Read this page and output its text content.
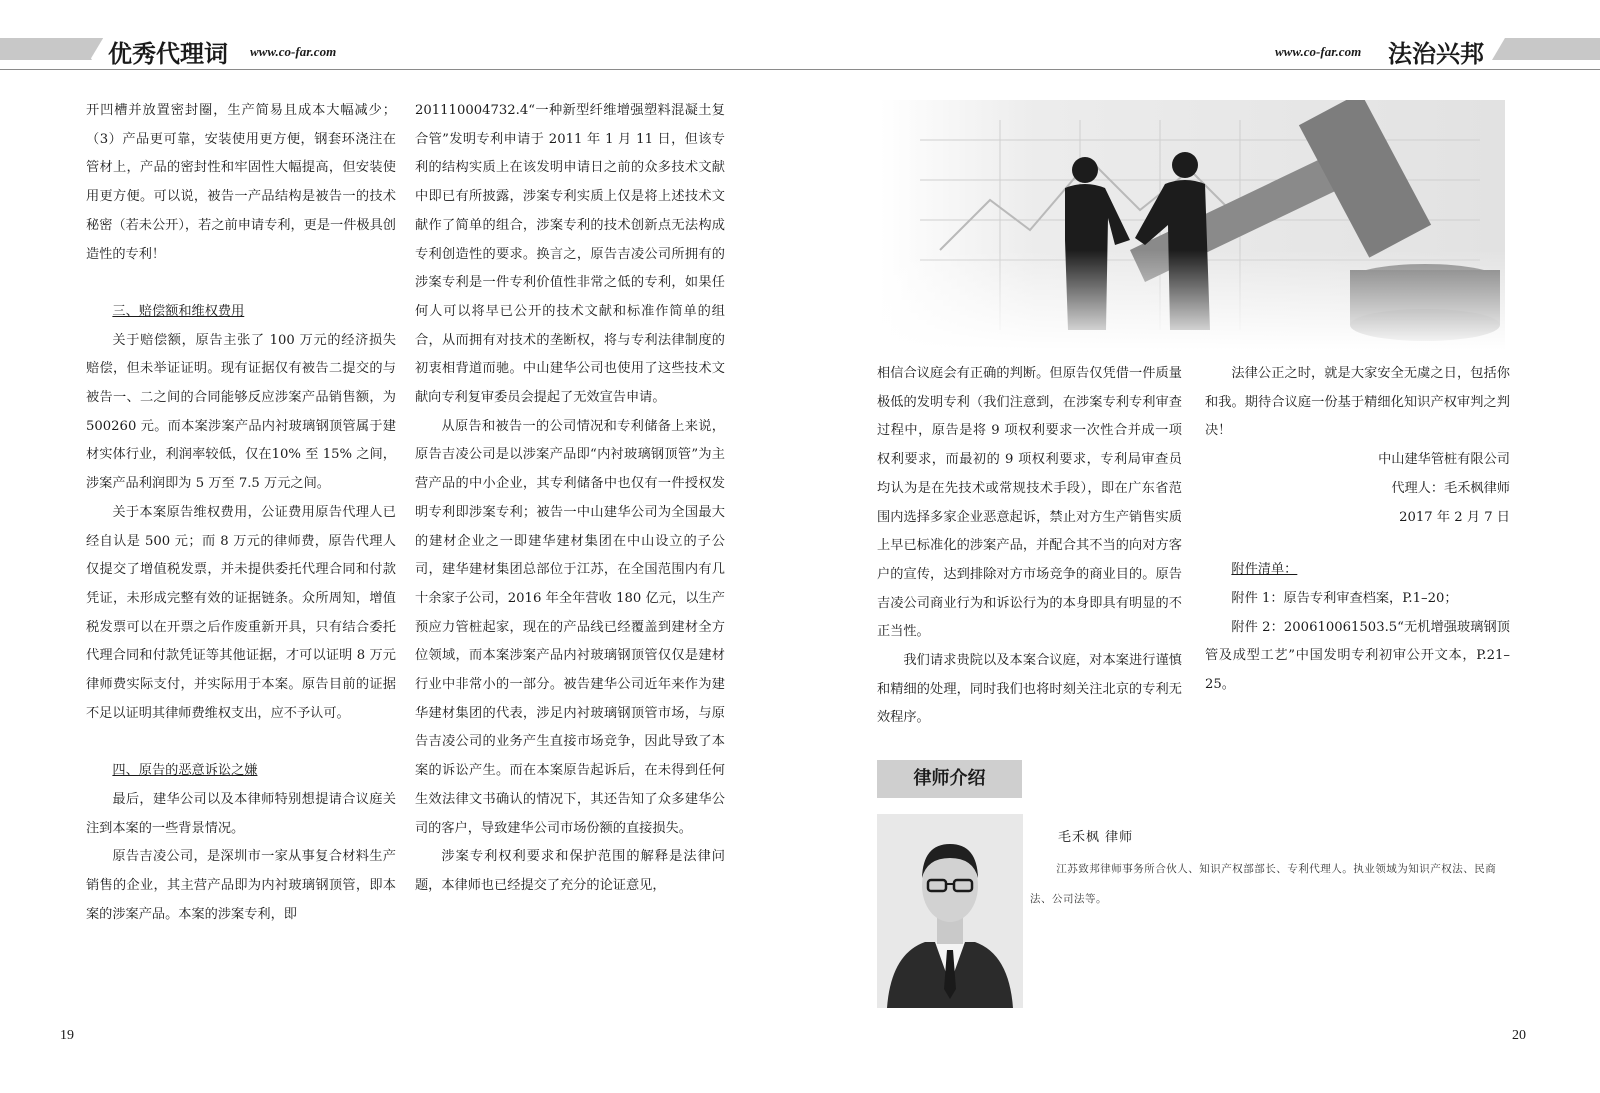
优秀代理词 www.co-far.com	www.co-far.com 法治兴邦

开凹槽并放置密封圈，生产简易且成本大幅减少；（3）产品更可靠，安装使用更方便，钢套环浇注在管材上，产品的密封性和牢固性大幅提高，但安装使用更方便。可以说，被告一产品结构是被告一的技术秘密（若未公开），若之前申请专利，更是一件极具创造性的专利！

三、赔偿额和维权费用

关于赔偿额，原告主张了 100 万元的经济损失赔偿，但未举证证明。现有证据仅有被告二提交的与被告一、二之间的合同能够反应涉案产品销售额，为 500260 元。而本案涉案产品内衬玻璃钢顶管属于建材实体行业，利润率较低，仅在10% 至 15% 之间，涉案产品利润即为 5 万至 7.5 万元之间。

关于本案原告维权费用，公证费用原告代理人已经自认是 500 元；而 8 万元的律师费，原告代理人仅提交了增值税发票，并未提供委托代理合同和付款凭证，未形成完整有效的证据链条。众所周知，增值税发票可以在开票之后作废重新开具，只有结合委托代理合同和付款凭证等其他证据，才可以证明 8 万元律师费实际支付，并实际用于本案。原告目前的证据不足以证明其律师费维权支出，应不予认可。

四、原告的恶意诉讼之嫌

最后，建华公司以及本律师特别想提请合议庭关注到本案的一些背景情况。

原告吉凌公司，是深圳市一家从事复合材料生产销售的企业，其主营产品即为内衬玻璃钢顶管，即本案的涉案产品。本案的涉案专利，即

201110004732.4“一种新型纤维增强塑料混凝土复合管”发明专利申请于 2011 年 1 月 11 日，但该专利的结构实质上在该发明申请日之前的众多技术文献中即已有所披露，涉案专利实质上仅是将上述技术文献作了简单的组合，涉案专利的技术创新点无法构成专利创造性的要求。换言之，原告吉凌公司所拥有的涉案专利是一件专利价值性非常之低的专利，如果任何人可以将早已公开的技术文献和标准作简单的组合，从而拥有对技术的垄断权，将与专利法律制度的初衷相背道而驰。中山建华公司也使用了这些技术文献向专利复审委员会提起了无效宣告申请。

从原告和被告一的公司情况和专利储备上来说，原告吉凌公司是以涉案产品即“内衬玻璃钢顶管”为主营产品的中小企业，其专利储备中也仅有一件授权发明专利即涉案专利；被告一中山建华公司为全国最大的建材企业之一即建华建材集团在中山设立的子公司，建华建材集团总部位于江苏，在全国范围内有几十余家子公司，2016 年全年营收 180 亿元，以生产预应力管桩起家，现在的产品线已经覆盖到建材全方位领域，而本案涉案产品内衬玻璃钢顶管仅仅是建材行业中非常小的一部分。被告建华公司近年来作为建华建材集团的代表，涉足内衬玻璃钢顶管市场，与原告吉凌公司的业务产生直接市场竞争，因此导致了本案的诉讼产生。而在本案原告起诉后，在未得到任何生效法律文书确认的情况下，其还告知了众多建华公司的客户，导致建华公司市场份额的直接损失。

涉案专利权利要求和保护范围的解释是法律问题，本律师也已经提交了充分的论证意见，

相信合议庭会有正确的判断。但原告仅凭借一件质量极低的发明专利（我们注意到，在涉案专利专利审查过程中，原告是将 9 项权利要求一次性合并成一项权利要求，而最初的 9 项权利要求，专利局审查员均认为是在先技术或常规技术手段），即在广东省范围内选择多家企业恶意起诉，禁止对方生产销售实质上早已标准化的涉案产品，并配合其不当的向对方客户的宣传，达到排除对方市场竞争的商业目的。原告吉凌公司商业行为和诉讼行为的本身即具有明显的不正当性。

我们请求贵院以及本案合议庭，对本案进行谨慎和精细的处理，同时我们也将时刻关注北京的专利无效程序。

法律公正之时，就是大家安全无虞之日，包括你和我。期待合议庭一份基于精细化知识产权审判之判决！

中山建华管桩有限公司

代理人：毛禾枫律师

2017 年 2 月 7 日

附件清单：

附件 1：原告专利审查档案，P.1–20；

附件 2：200610061503.5“无机增强玻璃钢顶管及成型工艺”中国发明专利初审公开文本，P.21–25。

律师介绍
毛禾枫 律师
江苏致邦律师事务所合伙人、知识产权部部长、专利代理人。执业领域为知识产权法、民商法、公司法等。
19	20
